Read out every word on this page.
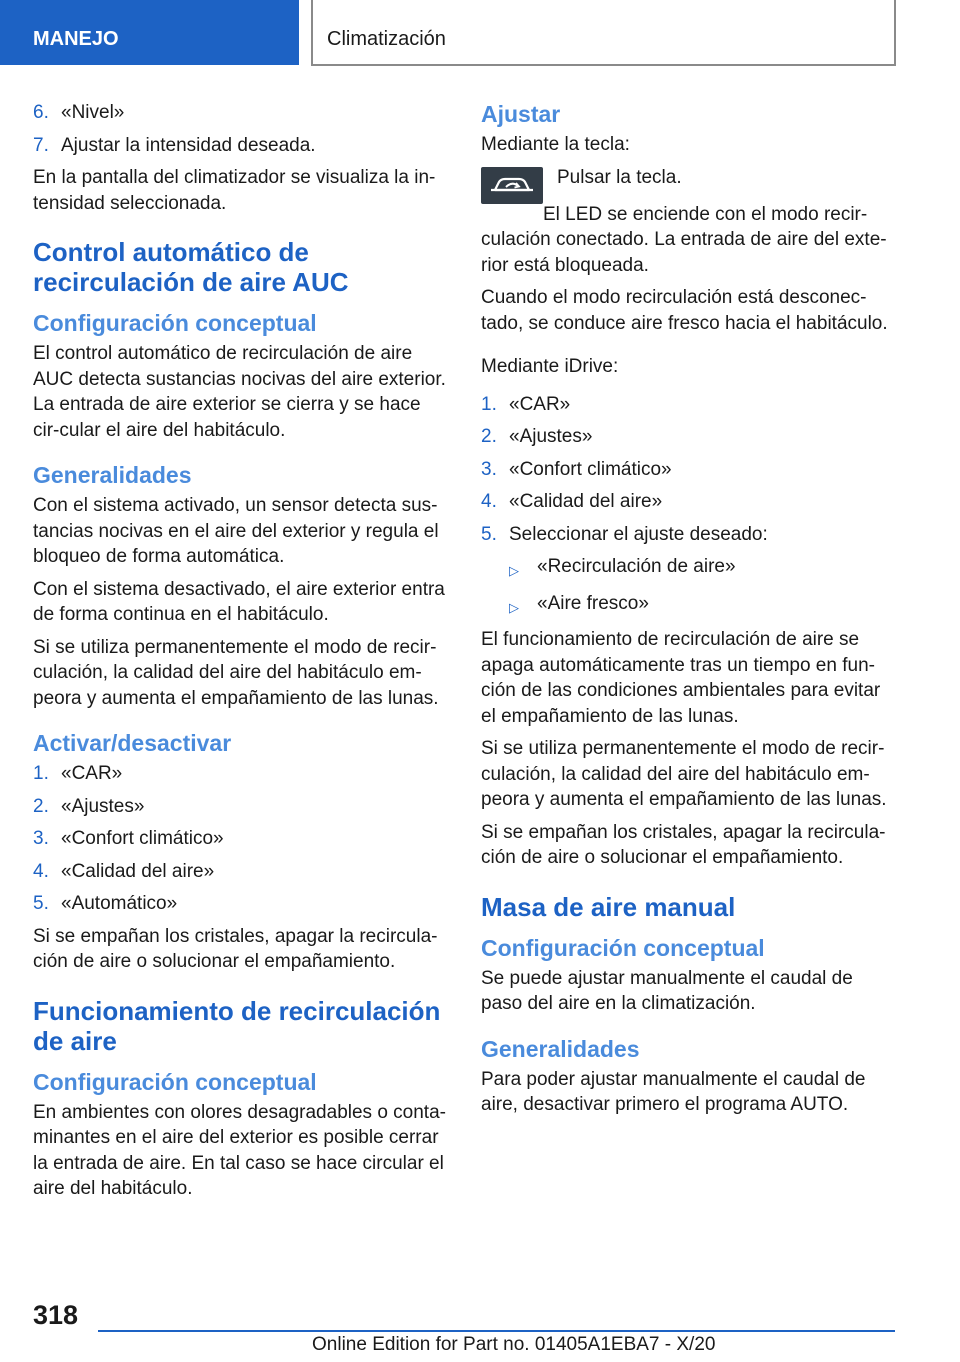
MANEJO	Climatización
6. «Nivel»
7. Ajustar la intensidad deseada.

En la pantalla del climatizador se visualiza la in‐tensidad seleccionada.

Control automático de recirculación de aire AUC
Configuración conceptual

El control automático de recirculación de aire AUC detecta sustancias nocivas del aire exterior. La entrada de aire exterior se cierra y se hace cir‐cular el aire del habitáculo.

Generalidades

Con el sistema activado, un sensor detecta sus‐tancias nocivas en el aire del exterior y regula el bloqueo de forma automática.

Con el sistema desactivado, el aire exterior entra de forma continua en el habitáculo.

Si se utiliza permanentemente el modo de recir‐culación, la calidad del aire del habitáculo em‐peora y aumenta el empañamiento de las lunas.

Activar/desactivar
1. «CAR»
2. «Ajustes»
3. «Confort climático»
4. «Calidad del aire»
5. «Automático»

Si se empañan los cristales, apagar la recircula‐ción de aire o solucionar el empañamiento.

Funcionamiento de recirculación de aire
Configuración conceptual

En ambientes con olores desagradables o conta‐minantes en el aire del exterior es posible cerrar la entrada de aire. En tal caso se hace circular el aire del habitáculo.

Ajustar

Mediante la tecla:

Pulsar la tecla.

El LED se enciende con el modo recir‐culación conectado. La entrada de aire del exte‐rior está bloqueada.

Cuando el modo recirculación está desconec‐tado, se conduce aire fresco hacia el habitáculo.

Mediante iDrive:

1. «CAR»
2. «Ajustes»
3. «Confort climático»
4. «Calidad del aire»
5. Seleccionar el ajuste deseado:
▷ «Recirculación de aire»
▷ «Aire fresco»

El funcionamiento de recirculación de aire se apaga automáticamente tras un tiempo en fun‐ción de las condiciones ambientales para evitar el empañamiento de las lunas.

Si se utiliza permanentemente el modo de recir‐culación, la calidad del aire del habitáculo em‐peora y aumenta el empañamiento de las lunas.

Si se empañan los cristales, apagar la recircula‐ción de aire o solucionar el empañamiento.

Masa de aire manual
Configuración conceptual

Se puede ajustar manualmente el caudal de paso del aire en la climatización.

Generalidades

Para poder ajustar manualmente el caudal de aire, desactivar primero el programa AUTO.

318
Online Edition for Part no. 01405A1EBA7 - X/20
